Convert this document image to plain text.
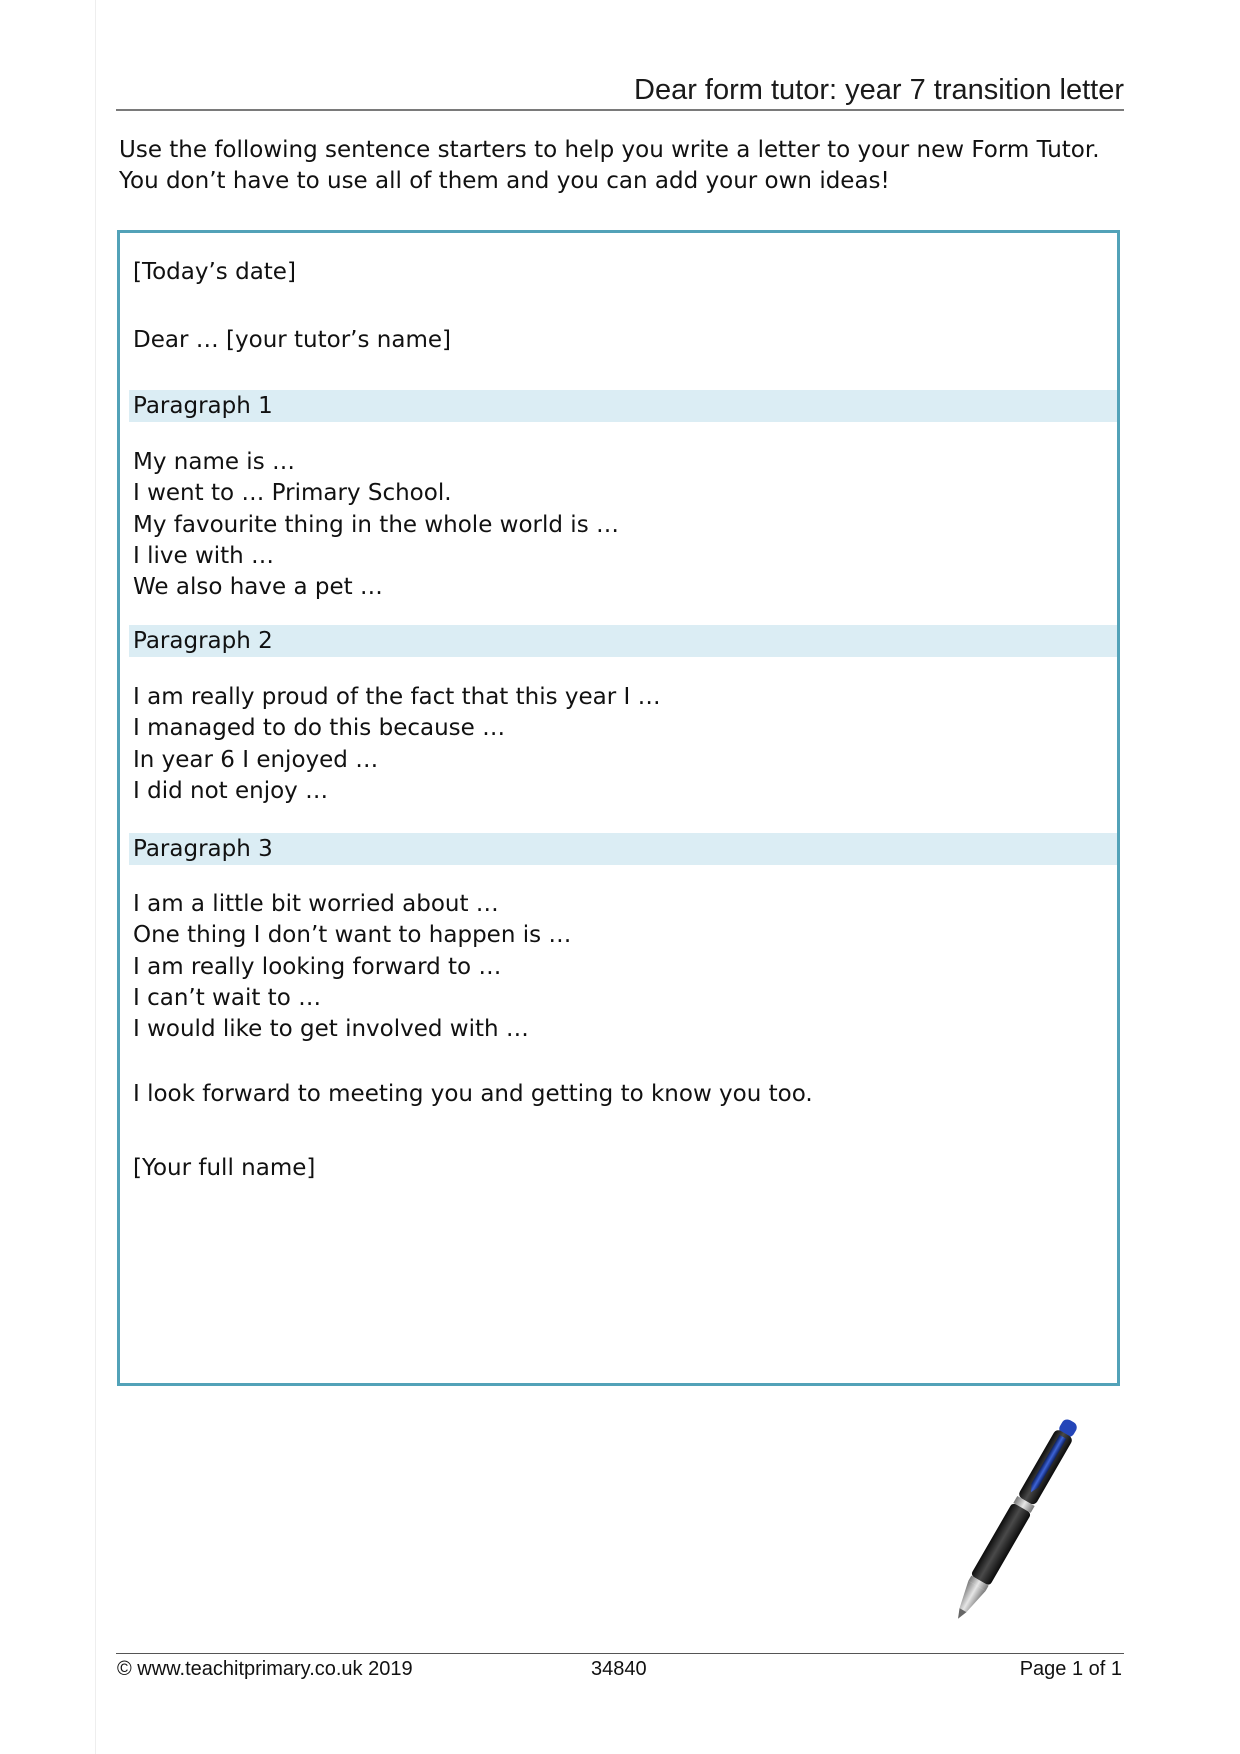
Dear form tutor: year 7 transition letter

Use the following sentence starters to help you write a letter to your new Form Tutor.

You don’t have to use all of them and you can add your own ideas!

[Today’s date]
Dear … [your tutor’s name]
Paragraph 1
My name is …
I went to … Primary School.
My favourite thing in the whole world is …
I live with …
We also have a pet …
Paragraph 2
I am really proud of the fact that this year I …
I managed to do this because …
In year 6 I enjoyed …
I did not enjoy …
Paragraph 3
I am a little bit worried about …
One thing I don’t want to happen is …
I am really looking forward to …
I can’t wait to …
I would like to get involved with …
I look forward to meeting you and getting to know you too.
[Your full name]
© www.teachitprimary.co.uk 2019	34840	Page 1 of 1
